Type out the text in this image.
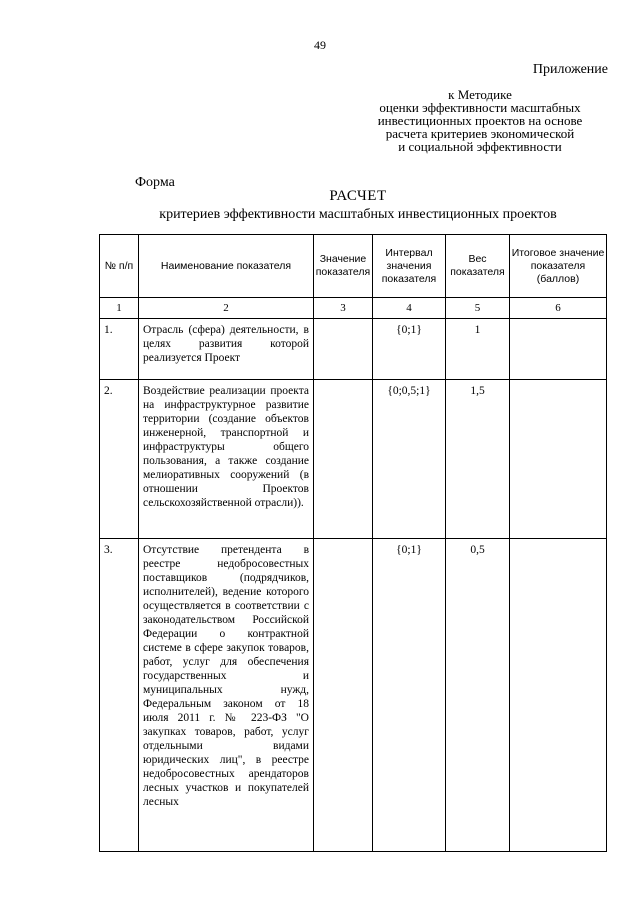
49
Приложение
к Методике
оценки эффективности масштабных
инвестиционных проектов на основе
расчета критериев экономической
и социальной эффективности
Форма
РАСЧЕТ
критериев эффективности масштабных инвестиционных проектов
№ п/п	Наименование показателя	Значение показателя	Интервал значения показателя	Вес показателя	Итоговое значение показателя (баллов)
1	2	3	4	5	6
1.	Отрасль (сфера) деятельности, в целях развития которой реализуется Проект		{0;1}	1	
2.	Воздействие реализации проекта на инфраструктурное развитие территории (создание объектов инженерной, транспортной и инфраструктуры общего пользования, а также создание мелиоративных сооружений (в отношении Проектов сельскохозяйственной отрасли)).		{0;0,5;1}	1,5	
3.	Отсутствие претендента в реестре недобросовестных поставщиков (подрядчиков, исполнителей), ведение которого осуществляется в соответствии с законодательством Российской Федерации о контрактной системе в сфере закупок товаров, работ, услуг для обеспечения государственных и муниципальных нужд, Федеральным законом от 18 июля 2011 г. № 223-ФЗ "О закупках товаров, работ, услуг отдельными видами юридических лиц", в реестре недобросовестных арендаторов лесных участков и покупателей лесных		{0;1}	0,5	
